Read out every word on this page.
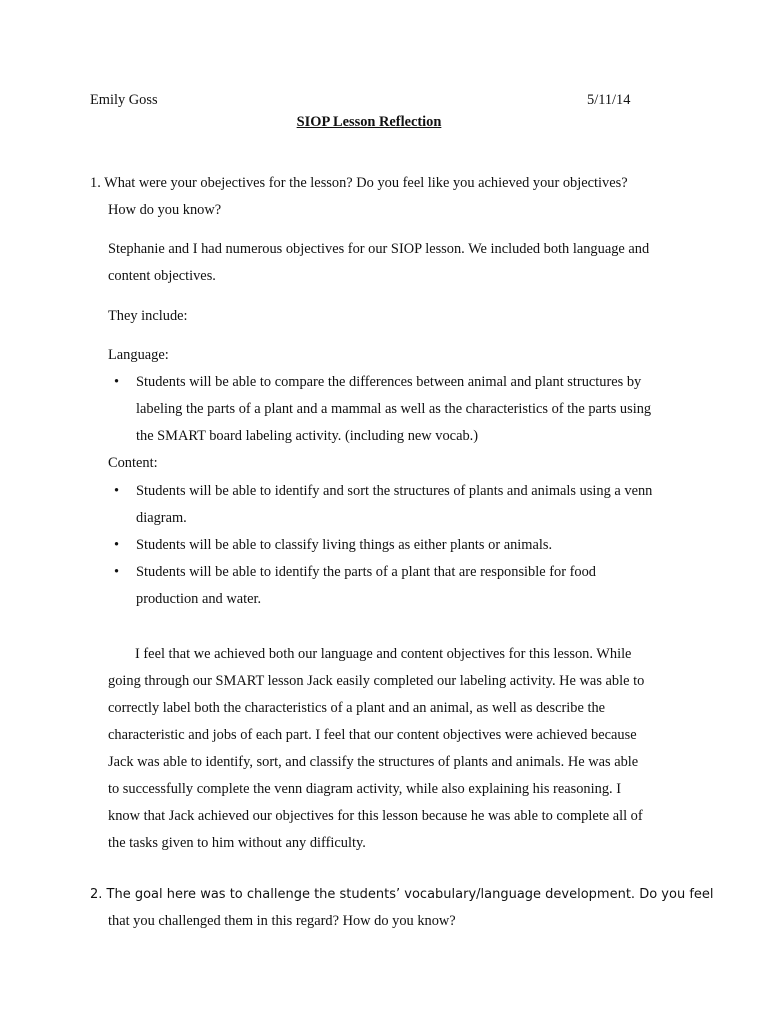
Emily Goss	5/11/14
SIOP Lesson Reflection
1. What were your obejectives for the lesson? Do you feel like you achieved your objectives?
How do you know?
Stephanie and I had numerous objectives for our SIOP lesson. We included both language and
content objectives.
They include:
Language:
• Students will be able to compare the differences between animal and plant structures by
labeling the parts of a plant and a mammal as well as the characteristics of the parts using
the SMART board labeling activity. (including new vocab.)
Content:
• Students will be able to identify and sort the structures of plants and animals using a venn
diagram.
• Students will be able to classify living things as either plants or animals.
• Students will be able to identify the parts of a plant that are responsible for food
production and water.
I feel that we achieved both our language and content objectives for this lesson. While
going through our SMART lesson Jack easily completed our labeling activity. He was able to
correctly label both the characteristics of a plant and an animal, as well as describe the
characteristic and jobs of each part. I feel that our content objectives were achieved because
Jack was able to identify, sort, and classify the structures of plants and animals. He was able
to successfully complete the venn diagram activity, while also explaining his reasoning. I
know that Jack achieved our objectives for this lesson because he was able to complete all of
the tasks given to him without any difficulty.
2. The goal here was to challenge the students’ vocabulary/language development. Do you feel
that you challenged them in this regard? How do you know?
